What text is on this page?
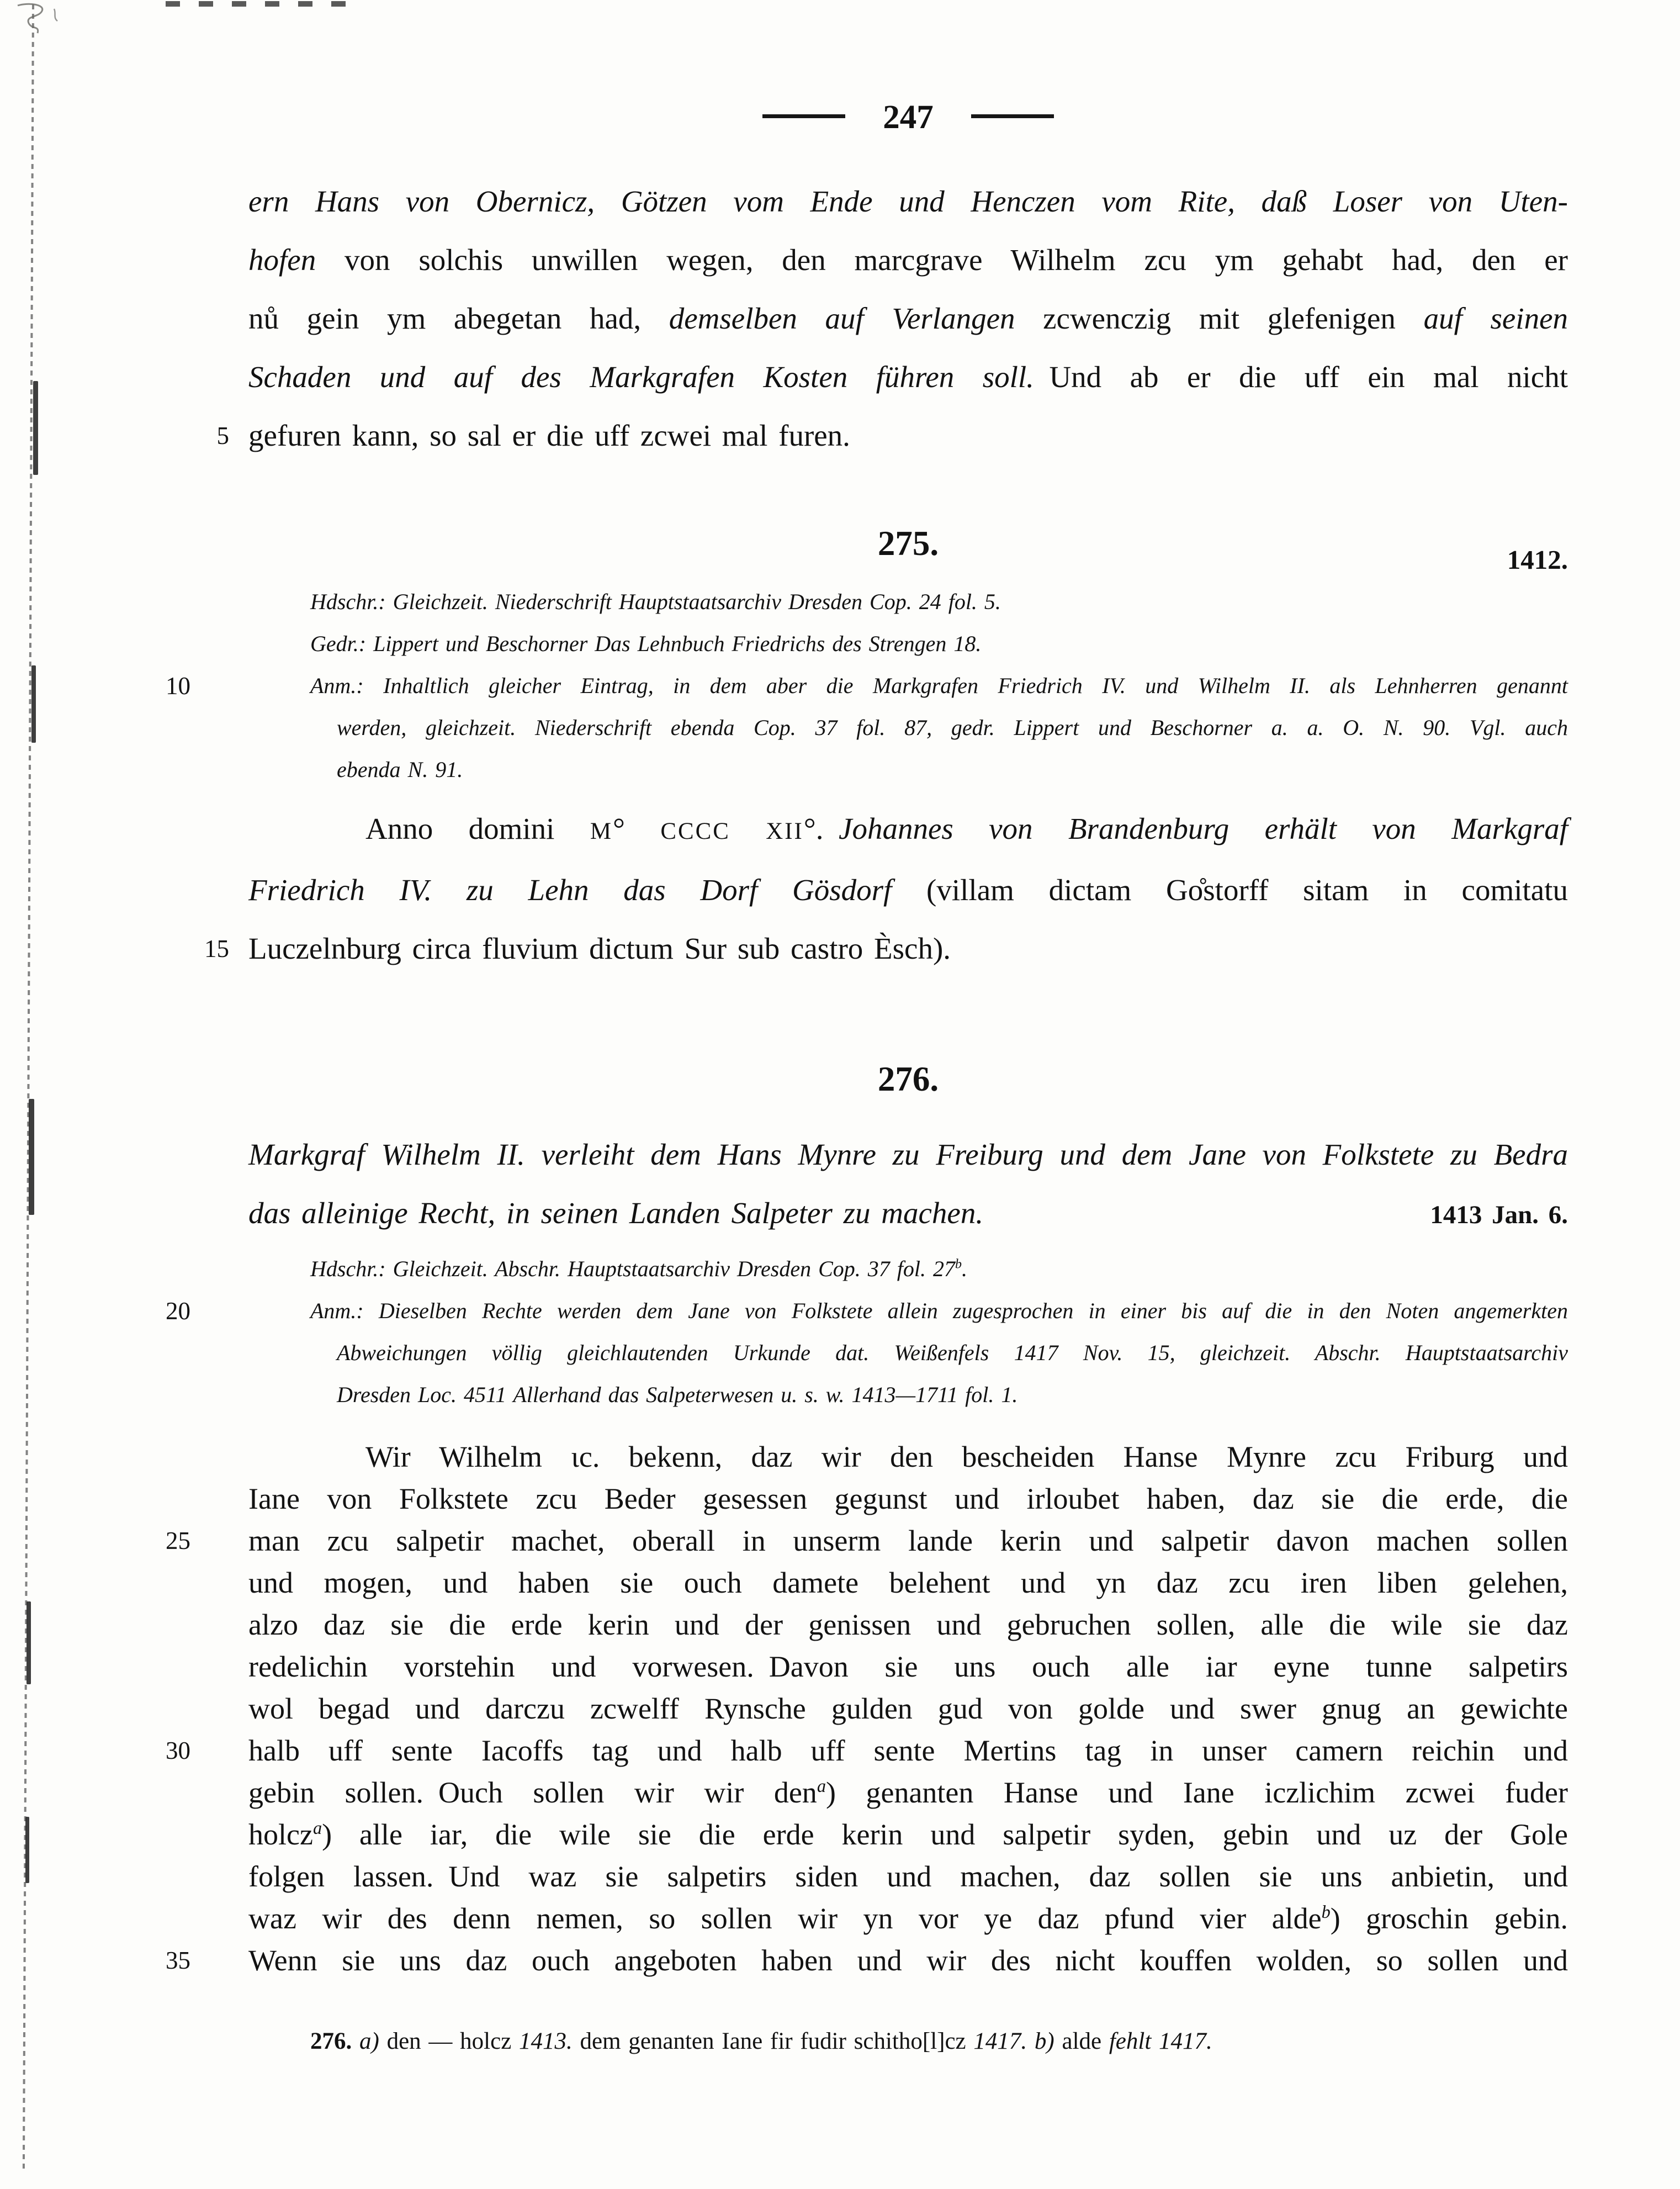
247
ern Hans von Obernicz, Götzen vom Ende und Henczen vom Rite, daß Loser von Uten-
hofen von solchis unwillen wegen, den marcgrave Wilhelm zcu ym gehabt had, den er
nů gein ym abegetan had, demselben auf Verlangen zcwenczig mit glefenigen auf seinen
Schaden und auf des Markgrafen Kosten führen soll. Und ab er die uff ein mal nicht
5 gefuren kann, so sal er die uff zcwei mal furen.
275.	1412.
Hdschr.: Gleichzeit. Niederschrift Hauptstaatsarchiv Dresden Cop. 24 fol. 5.
Gedr.: Lippert und Beschorner Das Lehnbuch Friedrichs des Strengen 18.
10	Anm.: Inhaltlich gleicher Eintrag, in dem aber die Markgrafen Friedrich IV. und Wilhelm II. als Lehnherren genannt
werden, gleichzeit. Niederschrift ebenda Cop. 37 fol. 87, gedr. Lippert und Beschorner a. a. O. N. 90. Vgl. auch
ebenda N. 91.
Anno domini M° CCCC XII°.  Johannes von Brandenburg erhält von Markgraf
Friedrich IV. zu Lehn das Dorf Gösdorf (villam dictam Go̊storff sitam in comitatu
15 Luczelnburg circa fluvium dictum Sur sub castro Èsch).
276.
Markgraf Wilhelm II. verleiht dem Hans Mynre zu Freiburg und dem Jane von Folkstete zu Bedra
das alleinige Recht, in seinen Landen Salpeter zu machen.	1413 Jan. 6.
Hdschr.: Gleichzeit. Abschr. Hauptstaatsarchiv Dresden Cop. 37 fol. 27$^b$.
20	Anm.: Dieselben Rechte werden dem Jane von Folkstete allein zugesprochen in einer bis auf die in den Noten angemerkten
Abweichungen völlig gleichlautenden Urkunde dat. Weißenfels 1417 Nov. 15, gleichzeit. Abschr. Hauptstaatsarchiv
Dresden Loc. 4511 Allerhand das Salpeterwesen u. s. w. 1413—1711 fol. 1.
Wir Wilhelm ɩc. bekenn, daz wir den bescheiden Hanse Mynre zcu Friburg und
Iane von Folkstete zcu Beder gesessen gegunst und irloubet haben, daz sie die erde, die
25	man zcu salpetir machet, oberall in unserm lande kerin und salpetir davon machen sollen
und mogen, und haben sie ouch damete belehent und yn daz zcu iren liben gelehen,
alzo daz sie die erde kerin und der genissen und gebruchen sollen, alle die wile sie daz
redelichin vorstehin und vorwesen. Davon sie uns ouch alle iar eyne tunne salpetirs
wol begad und darczu zcwelff Rynsche gulden gud von golde und swer gnug an gewichte
30	halb uff sente Iacoffs tag und halb uff sente Mertins tag in unser camern reichin und
gebin sollen. Ouch sollen wir wir den$^a$) genanten Hanse und Iane iczlichim zcwei fuder
holcz$^a$) alle iar, die wile sie die erde kerin und salpetir syden, gebin und uz der Gole
folgen lassen. Und waz sie salpetirs siden und machen, daz sollen sie uns anbietin, und
waz wir des denn nemen, so sollen wir yn vor ye daz pfund vier alde$^b$) groschin gebin.
35	Wenn sie uns daz ouch angeboten haben und wir des nicht kouffen wolden, so sollen und
276. a) den — holcz 1413. dem genanten Iane fir fudir schitho[l]cz 1417. b) alde fehlt 1417.
